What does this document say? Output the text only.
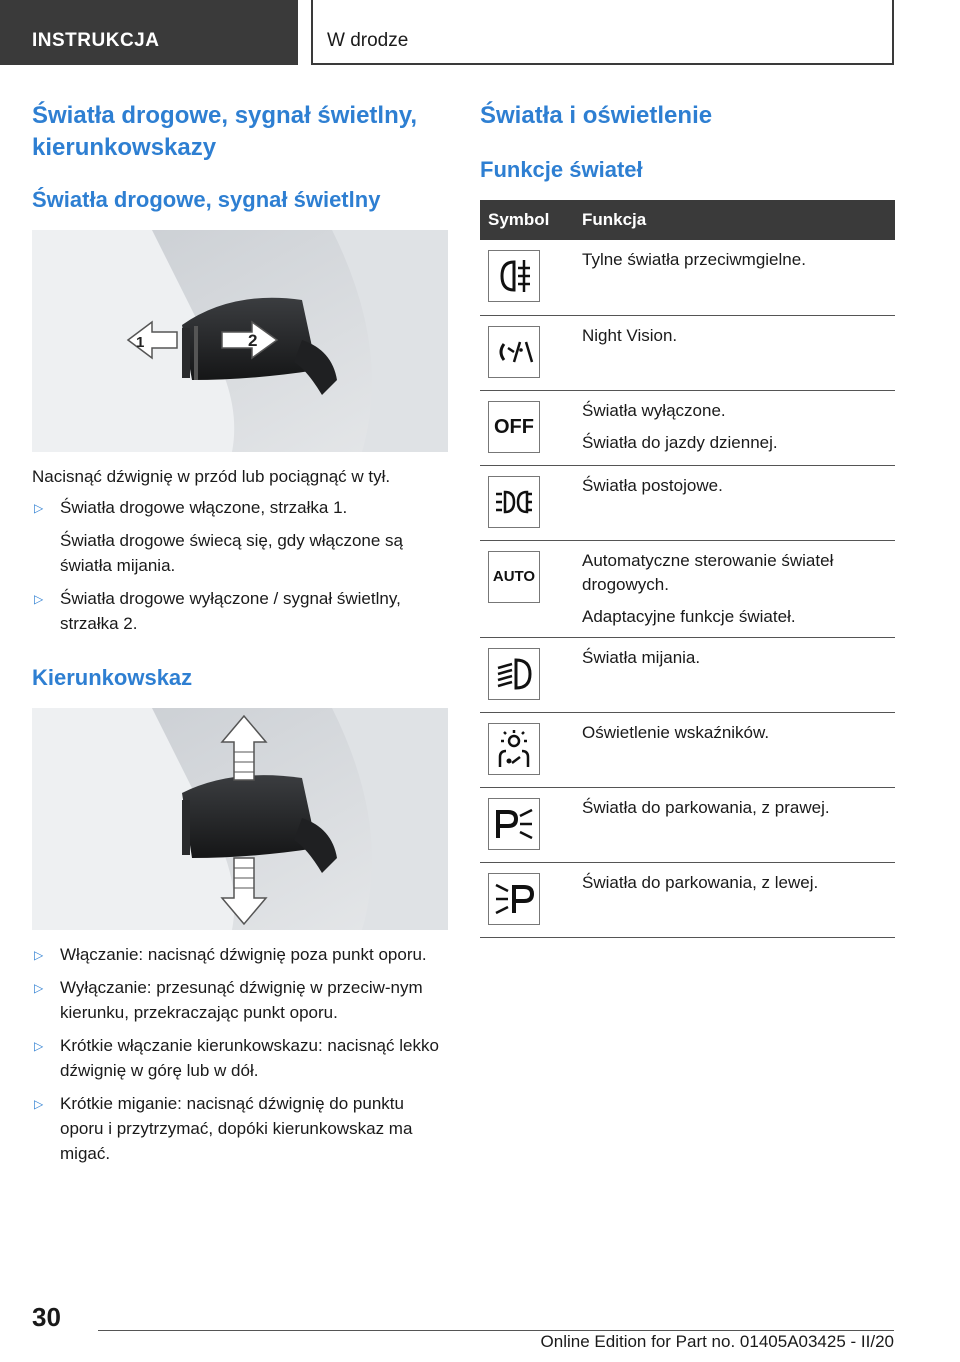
INSTRUKCJA	W drodze
Światła drogowe, sygnał świetlny, kierunkowskazy
Światła drogowe, sygnał świetlny
1	2

Nacisnąć dźwignię w przód lub pociągnąć w tył.

▷ Światła drogowe włączone, strzałka 1.
Światła drogowe świecą się, gdy włączone są światła mijania.
▷ Światła drogowe wyłączone / sygnał świetlny, strzałka 2.
Kierunkowskaz
▷ Włączanie: nacisnąć dźwignię poza punkt oporu.
▷ Wyłączanie: przesunąć dźwignię w przeciw-nym kierunku, przekraczając punkt oporu.
▷ Krótkie włączanie kierunkowskazu: nacisnąć lekko dźwignię w górę lub w dół.
▷ Krótkie miganie: nacisnąć dźwignię do punktu oporu i przytrzymać, dopóki kierunkowskaz ma migać.
Światła i oświetlenie
Funkcje świateł
Symbol	Funkcja

Tylne światła przeciwmgielne.

Night Vision.

OFF	Światła wyłączone.
Światła do jazdy dziennej.

Światła postojowe.

AUTO	Automatyczne sterowanie świateł drogowych.
Adaptacyjne funkcje świateł.

Światła mijania.

Oświetlenie wskaźników.

Światła do parkowania, z prawej.

Światła do parkowania, z lewej.
30
Online Edition for Part no. 01405A03425 - II/20
